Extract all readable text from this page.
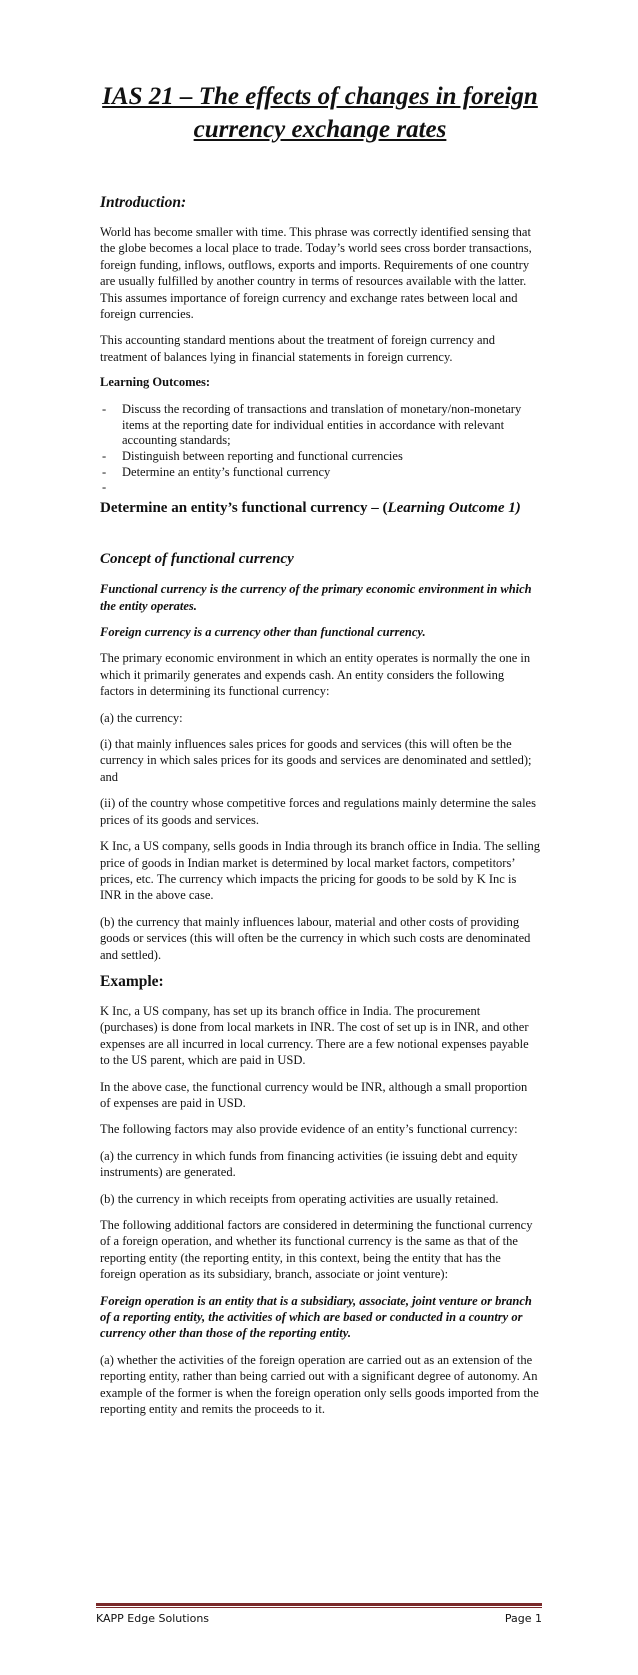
IAS 21 – The effects of changes in foreign currency exchange rates
Introduction:

World has become smaller with time. This phrase was correctly identified sensing that the globe becomes a local place to trade. Today’s world sees cross border transactions, foreign funding, inflows, outflows, exports and imports. Requirements of one country are usually fulfilled by another country in terms of resources available with the latter. This assumes importance of foreign currency and exchange rates between local and foreign currencies.

This accounting standard mentions about the treatment of foreign currency and treatment of balances lying in financial statements in foreign currency.

Learning Outcomes:
- Discuss the recording of transactions and translation of monetary/non-monetary items at the reporting date for individual entities in accordance with relevant accounting standards;
- Distinguish between reporting and functional currencies
- Determine an entity’s functional currency
-
Determine an entity’s functional currency – (Learning Outcome 1)
Concept of functional currency

Functional currency is the currency of the primary economic environment in which the entity operates.

Foreign currency is a currency other than functional currency.

The primary economic environment in which an entity operates is normally the one in which it primarily generates and expends cash. An entity considers the following factors in determining its functional currency:

(a) the currency:

(i) that mainly influences sales prices for goods and services (this will often be the currency in which sales prices for its goods and services are denominated and settled); and

(ii) of the country whose competitive forces and regulations mainly determine the sales prices of its goods and services.

K Inc, a US company, sells goods in India through its branch office in India. The selling price of goods in Indian market is determined by local market factors, competitors’ prices, etc. The currency which impacts the pricing for goods to be sold by K Inc is INR in the above case.

(b) the currency that mainly influences labour, material and other costs of providing goods or services (this will often be the currency in which such costs are denominated and settled).

Example:

K Inc, a US company, has set up its branch office in India. The procurement (purchases) is done from local markets in INR. The cost of set up is in INR, and other expenses are all incurred in local currency. There are a few notional expenses payable to the US parent, which are paid in USD.

In the above case, the functional currency would be INR, although a small proportion of expenses are paid in USD.

The following factors may also provide evidence of an entity’s functional currency:

(a) the currency in which funds from financing activities (ie issuing debt and equity instruments) are generated.

(b) the currency in which receipts from operating activities are usually retained.

The following additional factors are considered in determining the functional currency of a foreign operation, and whether its functional currency is the same as that of the reporting entity (the reporting entity, in this context, being the entity that has the foreign operation as its subsidiary, branch, associate or joint venture):

Foreign operation is an entity that is a subsidiary, associate, joint venture or branch of a reporting entity, the activities of which are based or conducted in a country or currency other than those of the reporting entity.

(a) whether the activities of the foreign operation are carried out as an extension of the reporting entity, rather than being carried out with a significant degree of autonomy. An example of the former is when the foreign operation only sells goods imported from the reporting entity and remits the proceeds to it.

KAPP Edge Solutions	Page 1
